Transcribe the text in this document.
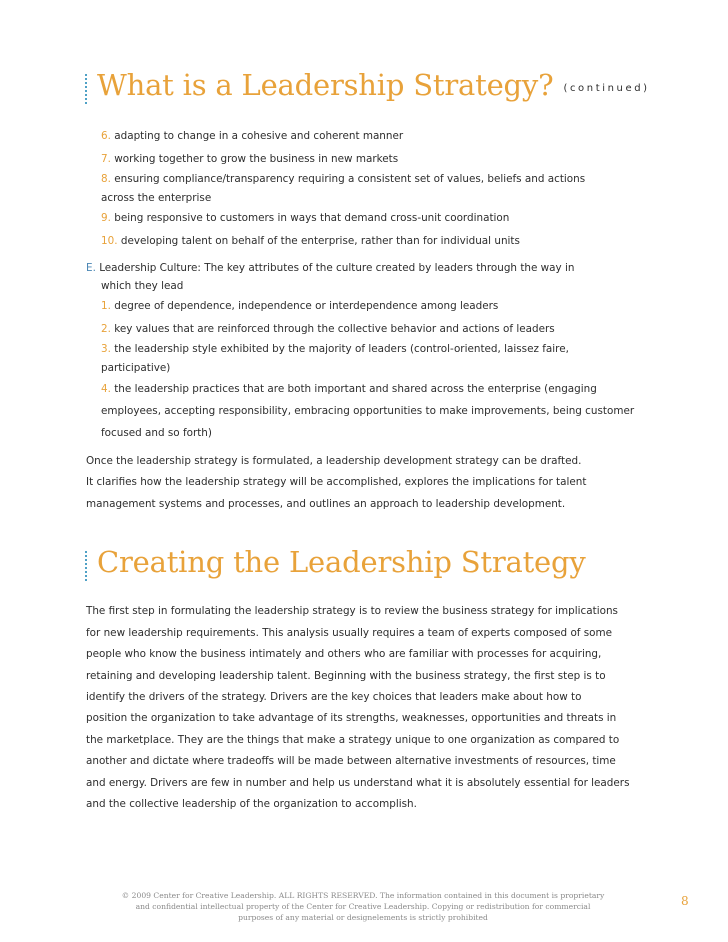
What is a Leadership Strategy? (continued)
6. adapting to change in a cohesive and coherent manner
7. working together to grow the business in new markets
8. ensuring compliance/transparency requiring a consistent set of values, beliefs and actions
across the enterprise
9. being responsive to customers in ways that demand cross-unit coordination
10. developing talent on behalf of the enterprise, rather than for individual units
E. Leadership Culture: The key attributes of the culture created by leaders through the way in
which they lead
1. degree of dependence, independence or interdependence among leaders
2. key values that are reinforced through the collective behavior and actions of leaders
3. the leadership style exhibited by the majority of leaders (control-oriented, laissez faire,
participative)
4. the leadership practices that are both important and shared across the enterprise (engaging
employees, accepting responsibility, embracing opportunities to make improvements, being customer
focused and so forth)
Once the leadership strategy is formulated, a leadership development strategy can be drafted.
It clarifies how the leadership strategy will be accomplished, explores the implications for talent
management systems and processes, and outlines an approach to leadership development.
Creating the Leadership Strategy
The first step in formulating the leadership strategy is to review the business strategy for implications
for new leadership requirements. This analysis usually requires a team of experts composed of some
people who know the business intimately and others who are familiar with processes for acquiring,
retaining and developing leadership talent. Beginning with the business strategy, the first step is to
identify the drivers of the strategy. Drivers are the key choices that leaders make about how to
position the organization to take advantage of its strengths, weaknesses, opportunities and threats in
the marketplace. They are the things that make a strategy unique to one organization as compared to
another and dictate where tradeoffs will be made between alternative investments of resources, time
and energy. Drivers are few in number and help us understand what it is absolutely essential for leaders
and the collective leadership of the organization to accomplish.
© 2009 Center for Creative Leadership. ALL RIGHTS RESERVED. The information contained in this document is proprietary
and confidential intellectual property of the Center for Creative Leadership. Copying or redistribution for commercial
purposes of any material or designelements is strictly prohibited
8
